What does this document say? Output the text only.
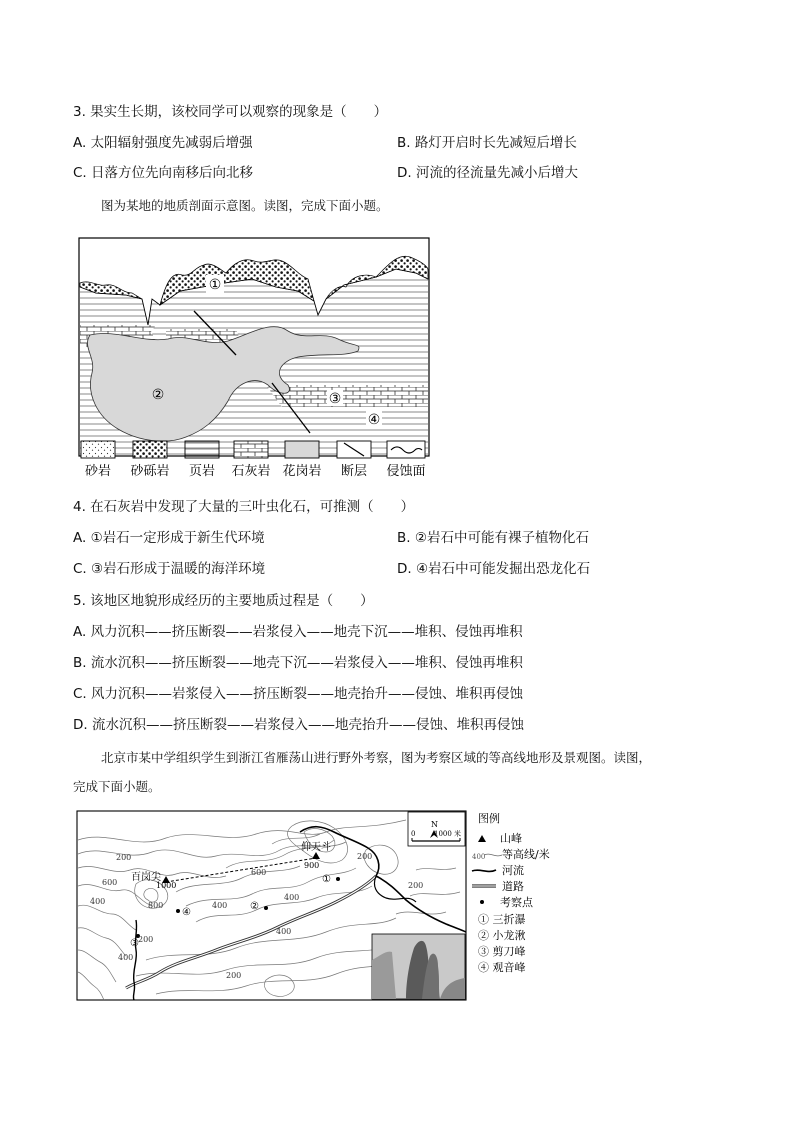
3. 果实生长期，该校同学可以观察的现象是（　　）
A. 太阳辐射强度先减弱后增强	B. 路灯开启时长先减短后增长
C. 日落方位先向南移后向北移	D. 河流的径流量先减小后增大
图为某地的地质剖面示意图。读图，完成下面小题。
①
②	③
④
砂岩 砂砾岩 页岩 石灰岩 花岗岩 断层 侵蚀面
4. 在石灰岩中发现了大量的三叶虫化石，可推测（　　）
A. ①岩石一定形成于新生代环境	B. ②岩石中可能有裸子植物化石
C. ③岩石形成于温暖的海洋环境	D. ④岩石中可能发掘出恐龙化石
5. 该地区地貌形成经历的主要地质过程是（　　）
A. 风力沉积——挤压断裂——岩浆侵入——地壳下沉——堆积、侵蚀再堆积
B. 流水沉积——挤压断裂——地壳下沉——岩浆侵入——堆积、侵蚀再堆积
C. 风力沉积——岩浆侵入——挤压断裂——地壳抬升——侵蚀、堆积再侵蚀
D. 流水沉积——挤压断裂——岩浆侵入——地壳抬升——侵蚀、堆积再侵蚀
北京市某中学组织学生到浙江省雁荡山进行野外考察，图为考察区域的等高线地形及景观图。读图，
完成下面小题。
仰天斗
百岗尖
1000
900
200
600
400	800
200
200
200
400
600
400
400
200
400
①
②
③
④
N
0	1000 米
图例
山峰
400 等高线/米
河流
道路
考察点
① 三折瀑
② 小龙湫
③ 剪刀峰
④ 观音峰
